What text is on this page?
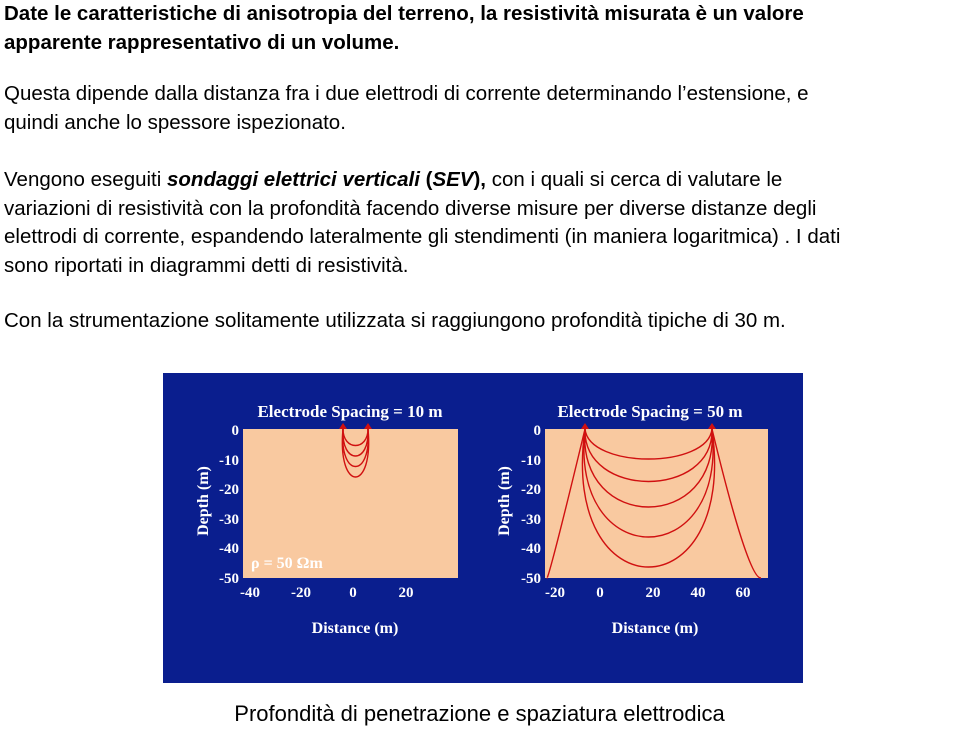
Date le caratteristiche di anisotropia del terreno, la resistività misurata è un valore
apparente rappresentativo di un volume.
Questa dipende dalla distanza fra i due elettrodi di corrente determinando l’estensione, e
quindi anche lo spessore ispezionato.
Vengono eseguiti sondaggi elettrici verticali (SEV), con i quali si cerca di valutare le
variazioni di resistività con la profondità facendo diverse misure per diverse distanze degli
elettrodi di corrente, espandendo lateralmente gli stendimenti (in maniera logaritmica) . I dati
sono riportati in diagrammi detti di resistività.
Con la strumentazione solitamente utilizzata si raggiungono profondità tipiche di 30 m.
Electrode Spacing = 10 m
Depth (m)
0
-10
-20
-30
-40
-50
ρ = 50 Ωm
-40 -20	0	20
Distance (m)
Electrode Spacing = 50 m
Depth (m)
0
-10
-20
-30
-40
-50
-20 0	20 40 60
Distance (m)
Profondità di penetrazione e spaziatura elettrodica
